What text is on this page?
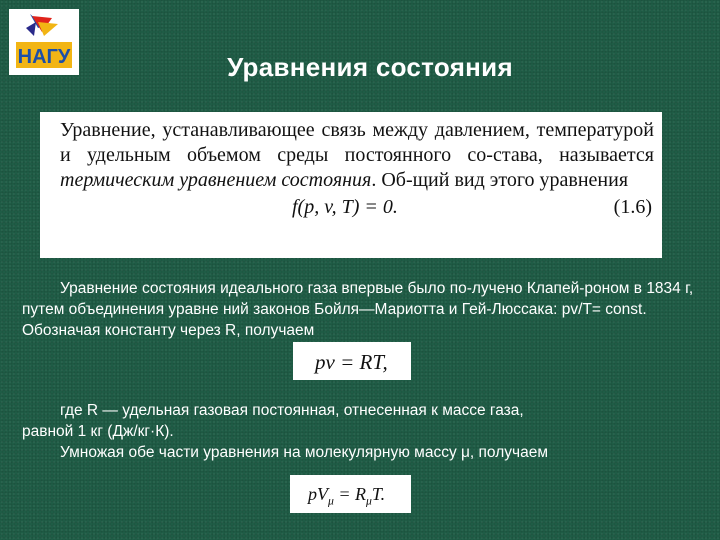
НАГУ	Уравнения состояния
Уравнение, устанавливающее связь между давлением, температурой и удельным объемом среды постоянного со-става, называется термическим уравнением состояния. Об-щий вид этого уравнения
f(p, v, T) = 0.	(1.6)
Уравнение состояния идеального газа впервые было по-лучено Клапей-роном в 1834 г, путем объединения уравне ний законов Бойля—Мариотта и Гей-Люссака: pv/T= const. Обозначая константу через R, получаем
pv = RT,
где R — удельная газовая постоянная, отнесенная к массе газа,
равной 1 кг (Дж/кг·К).
Умножая обе части уравнения на молекулярную массу μ, получаем
$pV_\mu = R_\mu T$.
